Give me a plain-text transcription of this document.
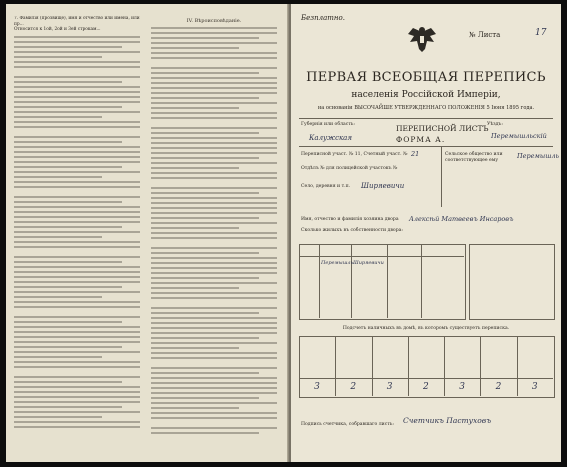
7. Фамилія (прозвище), имя и отчество или имена, или пр...
Относится к 1ой, 2ой и 3ей строкам...
IV. Вѣроисповѣданіе.	Безплатно.
№ Листа	17
ПЕРВАЯ ВСЕОБЩАЯ ПЕРЕПИСЬ
населенія Россійской Имперіи,
на основаніи ВЫСОЧАЙШЕ УТВЕРЖДЕННАГО ПОЛОЖЕНІЯ 5 Іюня 1895 года.
Губернія или область:
Калужская
ПЕРЕПИСНОЙ ЛИСТЪ
ФОРМА А.
Уѣздъ:
Перемышльскій
Переписной участ. № 11, Счетный участ. № 21
Отдѣлъ № для полицейской участокъ №
Село, деревня и т.п.	Ширяевичи
Сельское общество или соответствующее ему
Перемышль
Имя, отчество и фамилія хозяина двора	Алексѣй Матвеевъ Инсаровъ
Сколько жилыхъ въ собственности двора:
Перемышль Ширяевичи
Подсчетъ наличныхъ въ домѣ, въ которомъ существуетъ переписка.
3	2	3	2	3	2	3
Подпись счетчика, собравшаго листь:	Счетчикъ Пастуховъ
